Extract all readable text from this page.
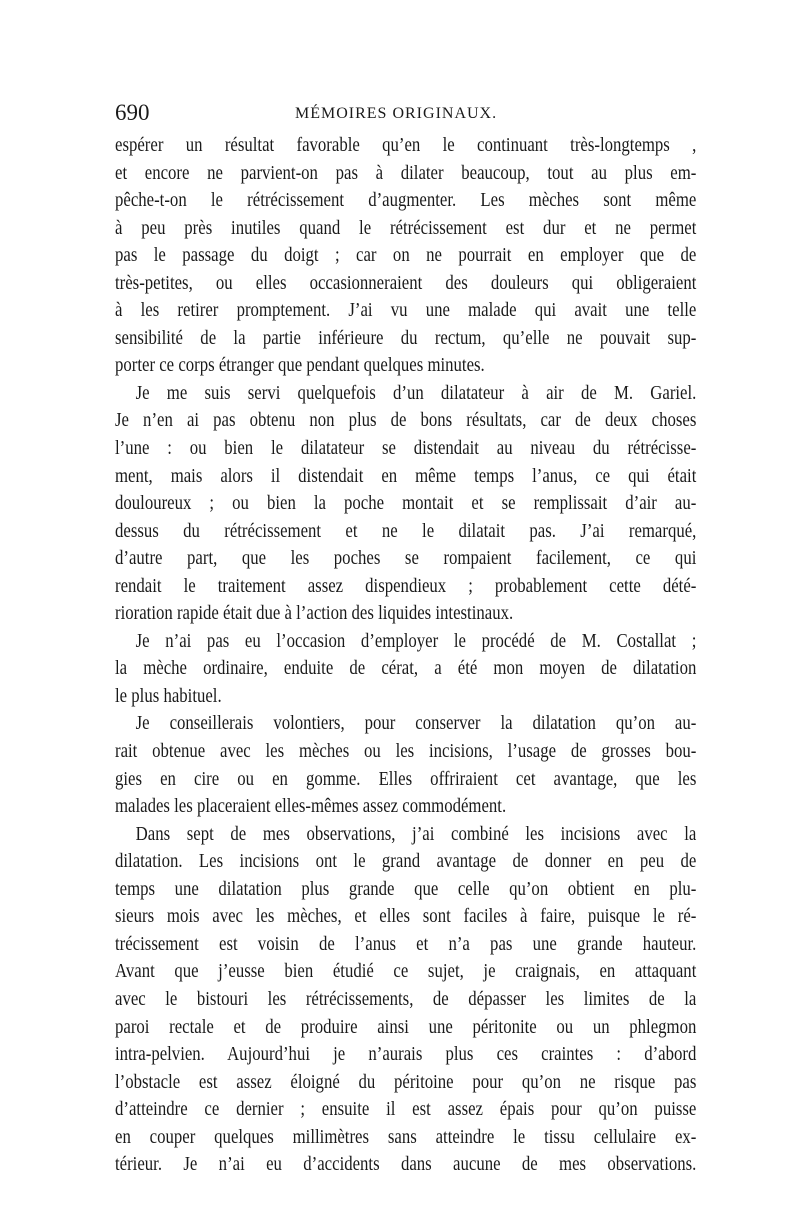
690	MÉMOIRES ORIGINAUX.
espérer un résultat favorable qu’en le continuant très-longtemps ,
et encore ne parvient-on pas à dilater beaucoup, tout au plus em-
pêche-t-on le rétrécissement d’augmenter. Les mèches sont même
à peu près inutiles quand le rétrécissement est dur et ne permet
pas le passage du doigt ; car on ne pourrait en employer que de
très-petites, ou elles occasionneraient des douleurs qui obligeraient
à les retirer promptement. J’ai vu une malade qui avait une telle
sensibilité de la partie inférieure du rectum, qu’elle ne pouvait sup-
porter ce corps étranger que pendant quelques minutes.
Je me suis servi quelquefois d’un dilatateur à air de M. Gariel.
Je n’en ai pas obtenu non plus de bons résultats, car de deux choses
l’une : ou bien le dilatateur se distendait au niveau du rétrécisse-
ment, mais alors il distendait en même temps l’anus, ce qui était
douloureux ; ou bien la poche montait et se remplissait d’air au-
dessus du rétrécissement et ne le dilatait pas. J’ai remarqué,
d’autre part, que les poches se rompaient facilement, ce qui
rendait le traitement assez dispendieux ; probablement cette dété-
rioration rapide était due à l’action des liquides intestinaux.
Je n’ai pas eu l’occasion d’employer le procédé de M. Costallat ;
la mèche ordinaire, enduite de cérat, a été mon moyen de dilatation
le plus habituel.
Je conseillerais volontiers, pour conserver la dilatation qu’on au-
rait obtenue avec les mèches ou les incisions, l’usage de grosses bou-
gies en cire ou en gomme. Elles offriraient cet avantage, que les
malades les placeraient elles-mêmes assez commodément.
Dans sept de mes observations, j’ai combiné les incisions avec la
dilatation. Les incisions ont le grand avantage de donner en peu de
temps une dilatation plus grande que celle qu’on obtient en plu-
sieurs mois avec les mèches, et elles sont faciles à faire, puisque le ré-
trécissement est voisin de l’anus et n’a pas une grande hauteur.
Avant que j’eusse bien étudié ce sujet, je craignais, en attaquant
avec le bistouri les rétrécissements, de dépasser les limites de la
paroi rectale et de produire ainsi une péritonite ou un phlegmon
intra-pelvien. Aujourd’hui je n’aurais plus ces craintes : d’abord
l’obstacle est assez éloigné du péritoine pour qu’on ne risque pas
d’atteindre ce dernier ; ensuite il est assez épais pour qu’on puisse
en couper quelques millimètres sans atteindre le tissu cellulaire ex-
térieur. Je n’ai eu d’accidents dans aucune de mes observations.
